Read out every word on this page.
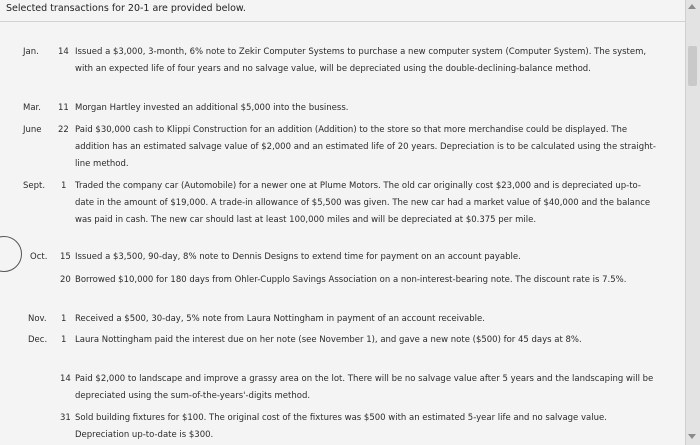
Selected transactions for 20-1 are provided below.
Jan. 14 Issued a $3,000, 3-month, 6% note to Zekir Computer Systems to purchase a new computer system (Computer System). The system, with an expected life of four years and no salvage value, will be depreciated using the double-declining-balance method.
Mar. 11 Morgan Hartley invested an additional $5,000 into the business.
June 22 Paid $30,000 cash to Klippi Construction for an addition (Addition) to the store so that more merchandise could be displayed. The addition has an estimated salvage value of $2,000 and an estimated life of 20 years. Depreciation is to be calculated using the straight-line method.
Sept. 1 Traded the company car (Automobile) for a newer one at Plume Motors. The old car originally cost $23,000 and is depreciated up-to-date in the amount of $19,000. A trade-in allowance of $5,500 was given. The new car had a market value of $40,000 and the balance was paid in cash. The new car should last at least 100,000 miles and will be depreciated at $0.375 per mile.
Oct. 15 Issued a $3,500, 90-day, 8% note to Dennis Designs to extend time for payment on an account payable.
20 Borrowed $10,000 for 180 days from Ohler-Cupplo Savings Association on a non-interest-bearing note. The discount rate is 7.5%.
Nov. 1 Received a $500, 30-day, 5% note from Laura Nottingham in payment of an account receivable.
Dec. 1 Laura Nottingham paid the interest due on her note (see November 1), and gave a new note ($500) for 45 days at 8%.
14 Paid $2,000 to landscape and improve a grassy area on the lot. There will be no salvage value after 5 years and the landscaping will be depreciated using the sum-of-the-years'-digits method.
31 Sold building fixtures for $100. The original cost of the fixtures was $500 with an estimated 5-year life and no salvage value. Depreciation up-to-date is $300.
